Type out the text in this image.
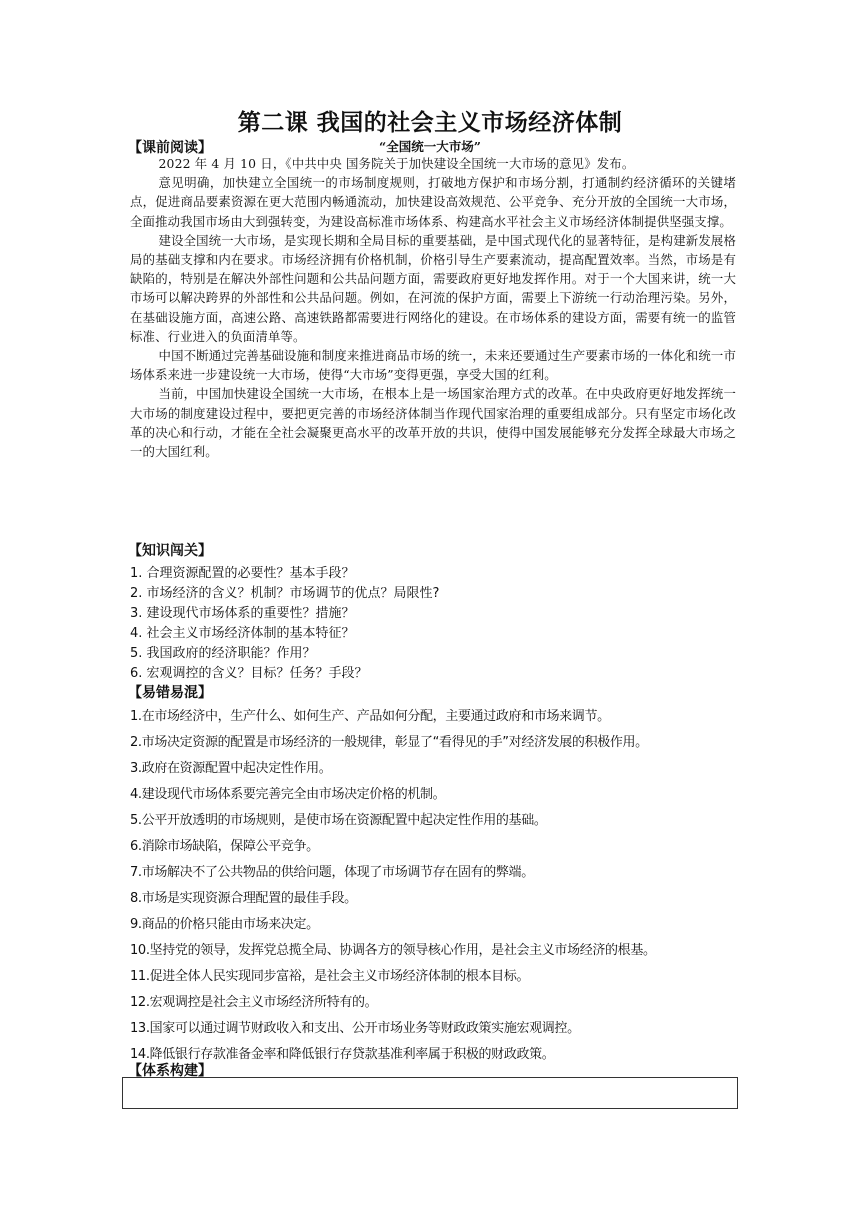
第二课 我国的社会主义市场经济体制
【课前阅读】	“全国统一大市场”

2022 年 4 月 10 日，《中共中央 国务院关于加快建设全国统一大市场的意见》发布。

意见明确，加快建立全国统一的市场制度规则，打破地方保护和市场分割，打通制约经济循环的关键堵点，促进商品要素资源在更大范围内畅通流动，加快建设高效规范、公平竞争、充分开放的全国统一大市场，全面推动我国市场由大到强转变，为建设高标准市场体系、构建高水平社会主义市场经济体制提供坚强支撑。

建设全国统一大市场，是实现长期和全局目标的重要基础，是中国式现代化的显著特征，是构建新发展格局的基础支撑和内在要求。市场经济拥有价格机制，价格引导生产要素流动，提高配置效率。当然，市场是有缺陷的，特别是在解决外部性问题和公共品问题方面，需要政府更好地发挥作用。对于一个大国来讲，统一大市场可以解决跨界的外部性和公共品问题。例如，在河流的保护方面，需要上下游统一行动治理污染。另外，在基础设施方面，高速公路、高速铁路都需要进行网络化的建设。在市场体系的建设方面，需要有统一的监管标准、行业进入的负面清单等。

中国不断通过完善基础设施和制度来推进商品市场的统一，未来还要通过生产要素市场的一体化和统一市场体系来进一步建设统一大市场，使得“大市场”变得更强，享受大国的红利。

当前，中国加快建设全国统一大市场，在根本上是一场国家治理方式的改革。在中央政府更好地发挥统一大市场的制度建设过程中，要把更完善的市场经济体制当作现代国家治理的重要组成部分。只有坚定市场化改革的决心和行动，才能在全社会凝聚更高水平的改革开放的共识，使得中国发展能够充分发挥全球最大市场之一的大国红利。

【知识闯关】
1. 合理资源配置的必要性？基本手段？
2. 市场经济的含义？机制？市场调节的优点？局限性?
3. 建设现代市场体系的重要性？措施？
4. 社会主义市场经济体制的基本特征？
5. 我国政府的经济职能？作用？
6. 宏观调控的含义？目标？任务？手段？
【易错易混】
1.在市场经济中，生产什么、如何生产、产品如何分配，主要通过政府和市场来调节。
2.市场决定资源的配置是市场经济的一般规律，彰显了“看得见的手”对经济发展的积极作用。
3.政府在资源配置中起决定性作用。
4.建设现代市场体系要完善完全由市场决定价格的机制。
5.公平开放透明的市场规则，是使市场在资源配置中起决定性作用的基础。
6.消除市场缺陷，保障公平竞争。
7.市场解决不了公共物品的供给问题，体现了市场调节存在固有的弊端。
8.市场是实现资源合理配置的最佳手段。
9.商品的价格只能由市场来决定。
10.坚持党的领导，发挥党总揽全局、协调各方的领导核心作用，是社会主义市场经济的根基。
11.促进全体人民实现同步富裕，是社会主义市场经济体制的根本目标。
12.宏观调控是社会主义市场经济所特有的。
13.国家可以通过调节财政收入和支出、公开市场业务等财政政策实施宏观调控。
14.降低银行存款准备金率和降低银行存贷款基准利率属于积极的财政政策。
【体系构建】
